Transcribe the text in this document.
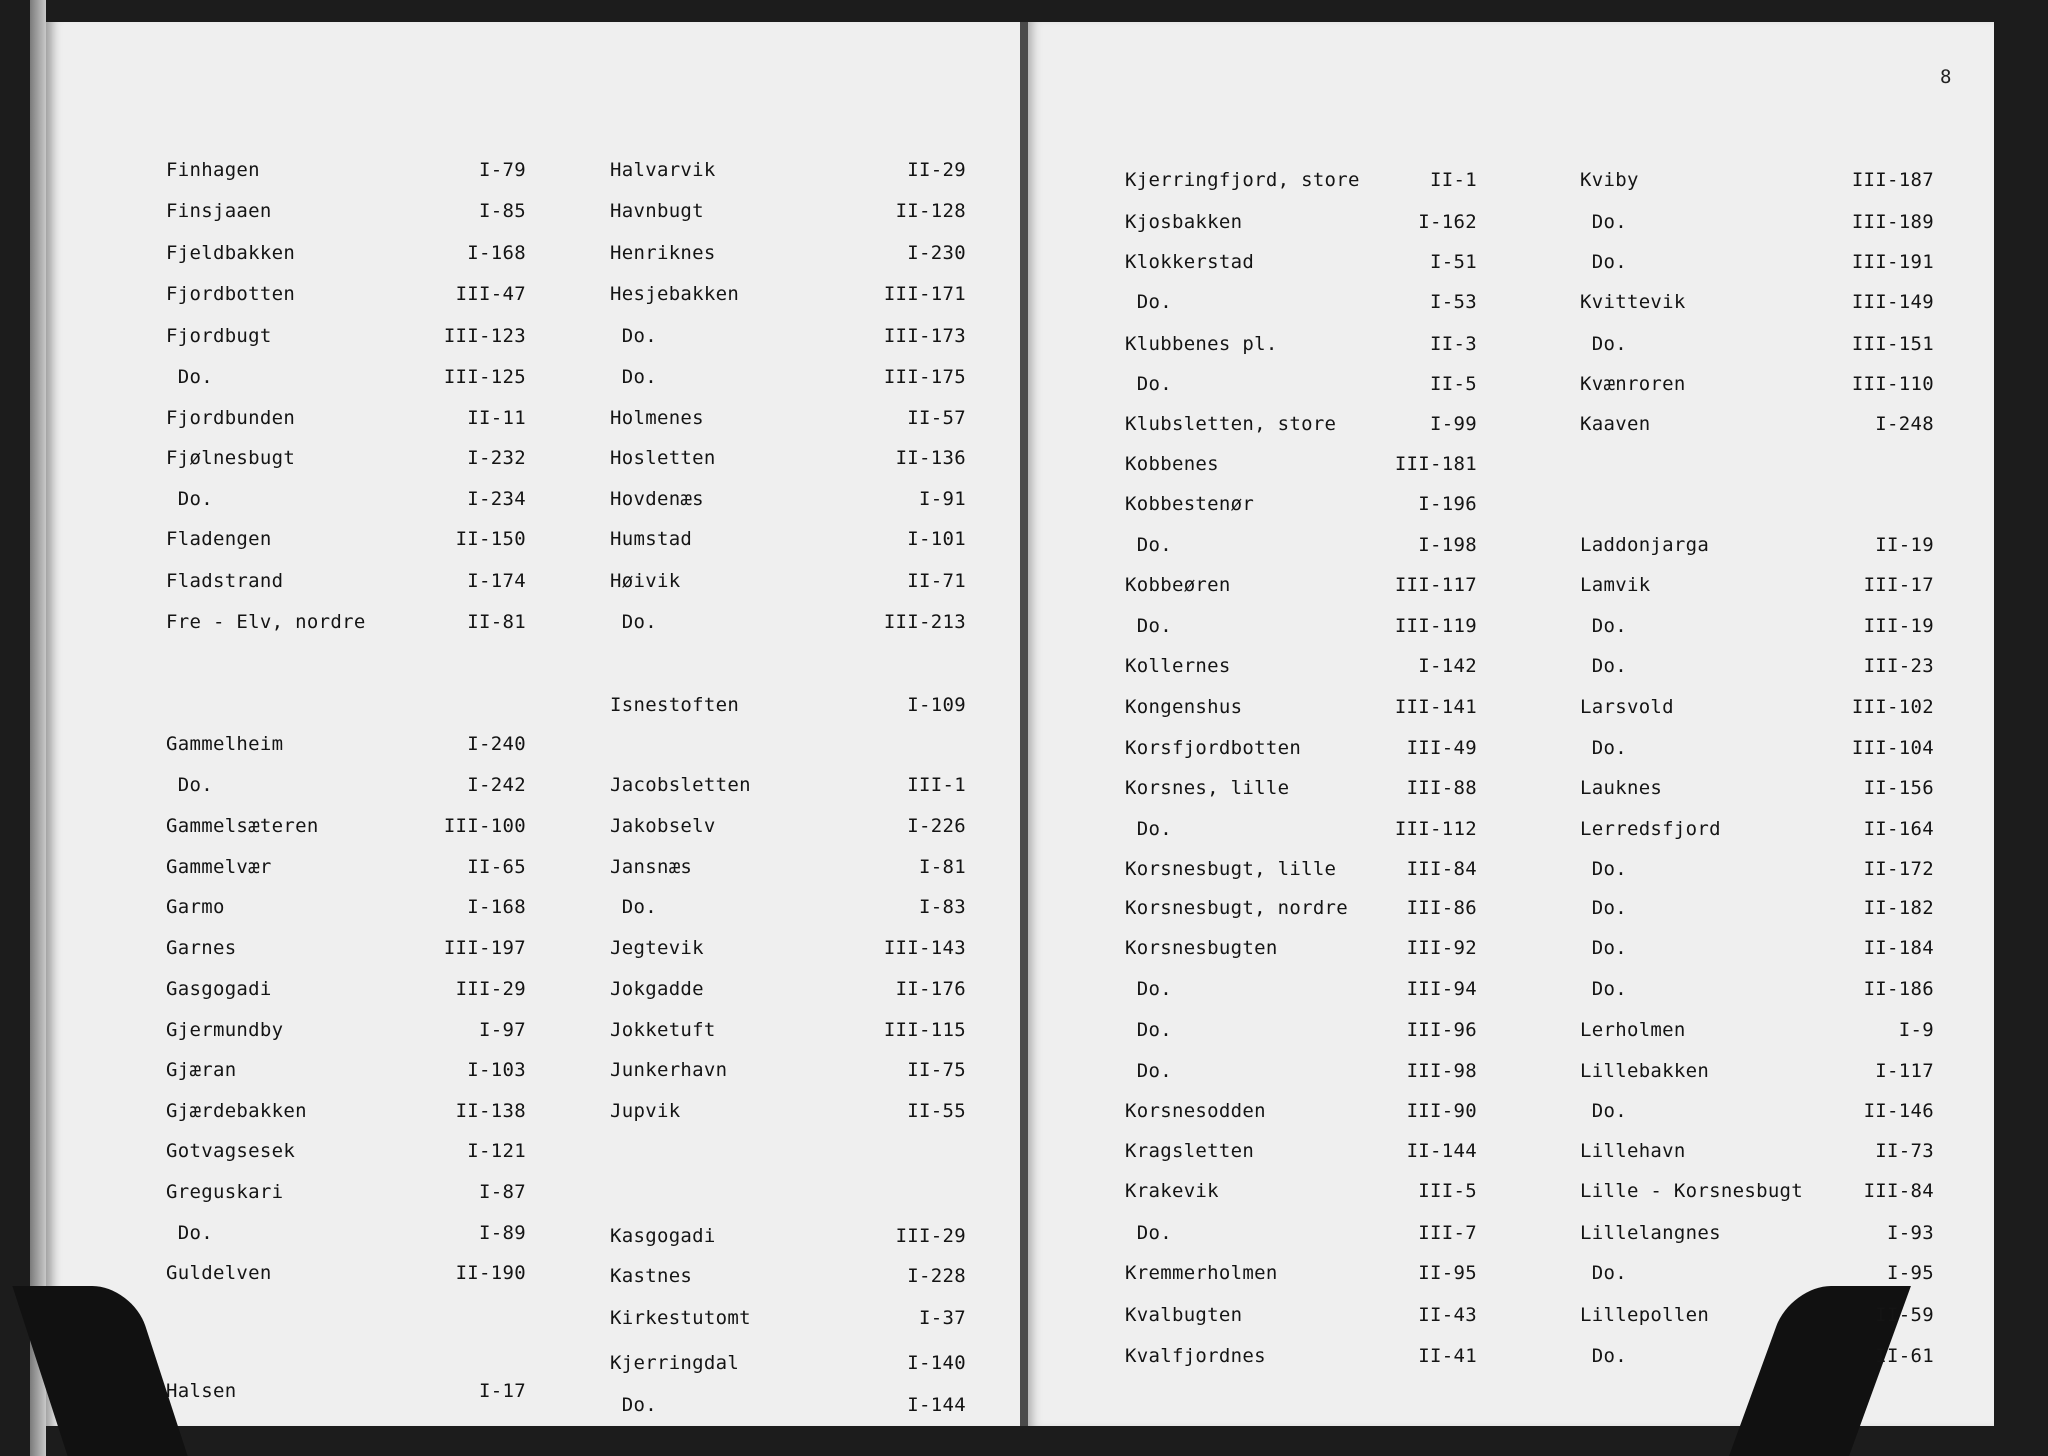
8
Finhagen	I-79
Finsjaaen	I-85
Fjeldbakken	I-168
Fjordbotten	III-47
Fjordbugt	III-123
Do.	III-125
Fjordbunden	II-11
Fjølnesbugt	I-232
Do.	I-234
Fladengen	II-150
Fladstrand	I-174
Fre - Elv, nordre	II-81
Gammelheim	I-240
Do.	I-242
Gammelsæteren	III-100
Gammelvær	II-65
Garmo	I-168
Garnes	III-197
Gasgogadi	III-29
Gjermundby	I-97
Gjæran	I-103
Gjærdebakken	II-138
Gotvagsesek	I-121
Greguskari	I-87
Do.	I-89
Guldelven	II-190
Halsen	I-17
Halvarvik	II-29
Havnbugt	II-128
Henriknes	I-230
Hesjebakken	III-171
Do.	III-173
Do.	III-175
Holmenes	II-57
Hosletten	II-136
Hovdenæs	I-91
Humstad	I-101
Høivik	II-71
Do.	III-213
Isnestoften	I-109
Jacobsletten	III-1
Jakobselv	I-226
Jansnæs	I-81
Do.	I-83
Jegtevik	III-143
Jokgadde	II-176
Jokketuft	III-115
Junkerhavn	II-75
Jupvik	II-55
Kasgogadi	III-29
Kastnes	I-228
Kirkestutomt	I-37
Kjerringdal	I-140
Do.	I-144
Kjerringfjord, store	II-1
Kjosbakken	I-162
Klokkerstad	I-51
Do.	I-53
Klubbenes pl.	II-3
Do.	II-5
Klubsletten, store	I-99
Kobbenes	III-181
Kobbestenør	I-196
Do.	I-198
Kobbeøren	III-117
Do.	III-119
Kollernes	I-142
Kongenshus	III-141
Korsfjordbotten	III-49
Korsnes, lille	III-88
Do.	III-112
Korsnesbugt, lille	III-84
Korsnesbugt, nordre	III-86
Korsnesbugten	III-92
Do.	III-94
Do.	III-96
Do.	III-98
Korsnesodden	III-90
Kragsletten	II-144
Krakevik	III-5
Do.	III-7
Kremmerholmen	II-95
Kvalbugten	II-43
Kvalfjordnes	II-41
Kviby	III-187
Do.	III-189
Do.	III-191
Kvittevik	III-149
Do.	III-151
Kvænroren	III-110
Kaaven	I-248
Laddonjarga	II-19
Lamvik	III-17
Do.	III-19
Do.	III-23
Larsvold	III-102
Do.	III-104
Lauknes	II-156
Lerredsfjord	II-164
Do.	II-172
Do.	II-182
Do.	II-184
Do.	II-186
Lerholmen	I-9
Lillebakken	I-117
Do.	II-146
Lillehavn	II-73
Lille - Korsnesbugt	III-84
Lillelangnes	I-93
Do.	I-95
Lillepollen	II-59
Do.	II-61
